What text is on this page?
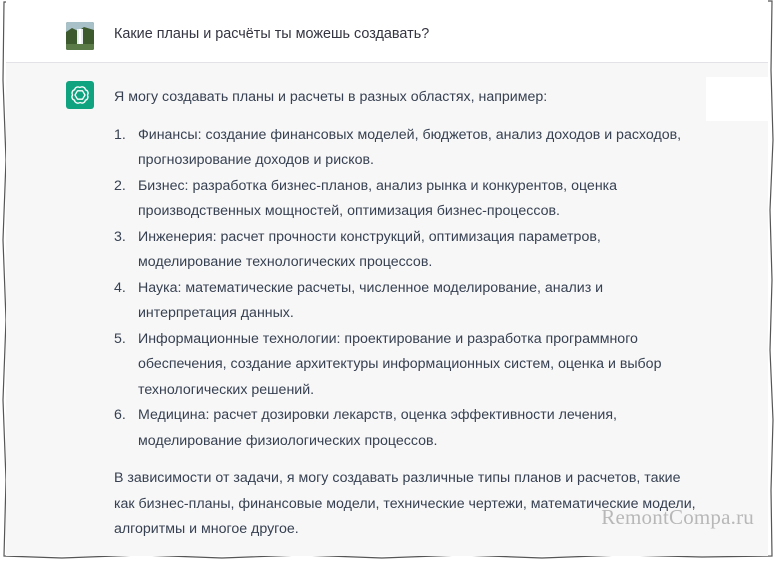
Какие планы и расчёты ты можешь создавать?

Я могу создавать планы и расчеты в разных областях, например:

1. Финансы: создание финансовых моделей, бюджетов, анализ доходов и расходов, прогнозирование доходов и рисков.
2. Бизнес: разработка бизнес-планов, анализ рынка и конкурентов, оценка производственных мощностей, оптимизация бизнес-процессов.
3. Инженерия: расчет прочности конструкций, оптимизация параметров, моделирование технологических процессов.
4. Наука: математические расчеты, численное моделирование, анализ и интерпретация данных.
5. Информационные технологии: проектирование и разработка программного обеспечения, создание архитектуры информационных систем, оценка и выбор технологических решений.
6. Медицина: расчет дозировки лекарств, оценка эффективности лечения, моделирование физиологических процессов.

В зависимости от задачи, я могу создавать различные типы планов и расчетов, такие как бизнес-планы, финансовые модели, технические чертежи, математические модели, алгоритмы и многое другое.	RemontCompa.ru
